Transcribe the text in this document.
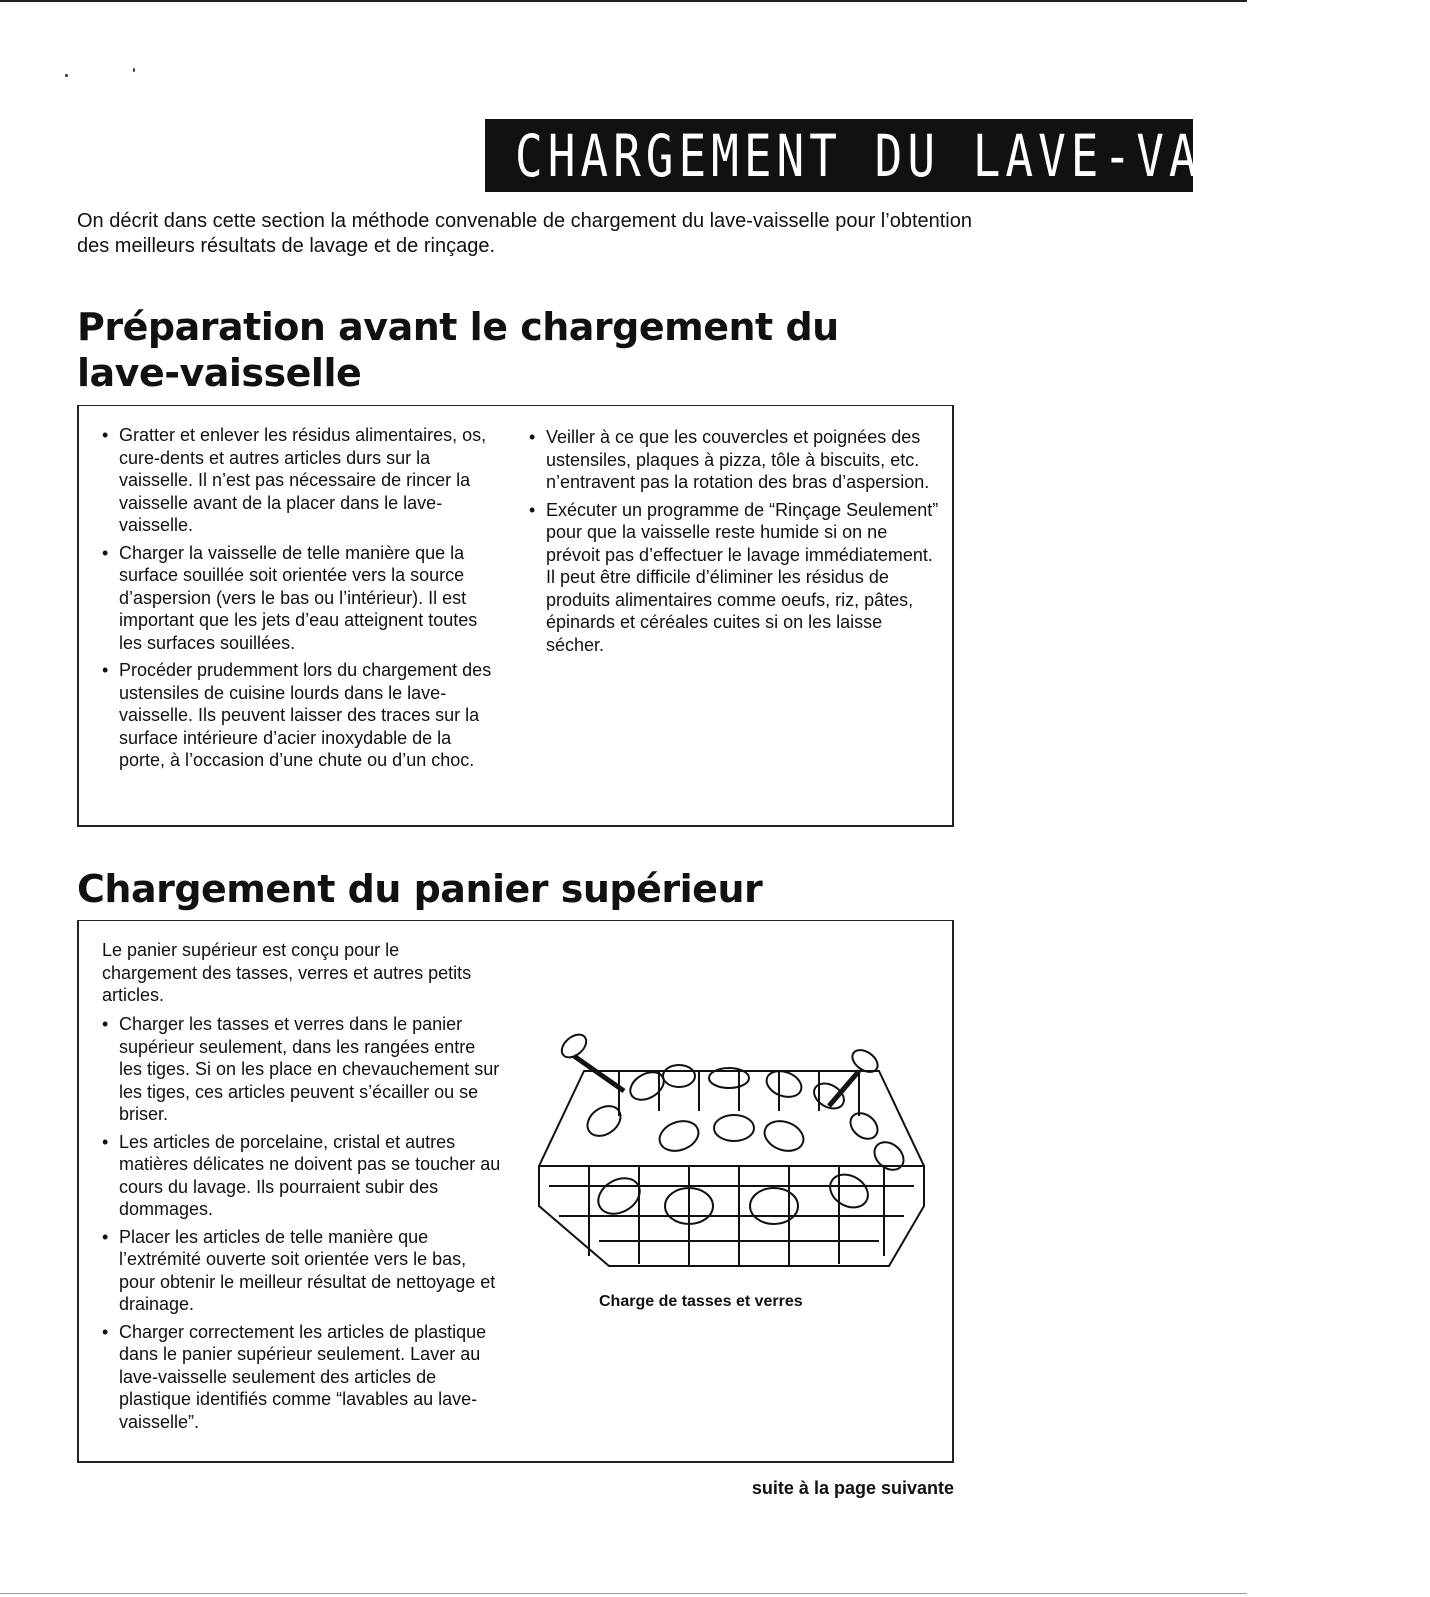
CHARGEMENT DU LAVE-VAISSELLE

On décrit dans cette section la méthode convenable de chargement du lave-vaisselle pour l’obtention des meilleurs résultats de lavage et de rinçage.

Préparation avant le chargement du lave-vaisselle
• Gratter et enlever les résidus alimentaires, os, cure-dents et autres articles durs sur la vaisselle. Il n’est pas nécessaire de rincer la vaisselle avant de la placer dans le lave-vaisselle.
• Charger la vaisselle de telle manière que la surface souillée soit orientée vers la source d’aspersion (vers le bas ou l’intérieur). Il est important que les jets d’eau atteignent toutes les surfaces souillées.
• Procéder prudemment lors du chargement des ustensiles de cuisine lourds dans le lave-vaisselle. Ils peuvent laisser des traces sur la surface intérieure d’acier inoxydable de la porte, à l’occasion d’une chute ou d’un choc.
• Veiller à ce que les couvercles et poignées des ustensiles, plaques à pizza, tôle à biscuits, etc. n’entravent pas la rotation des bras d’aspersion.
• Exécuter un programme de “Rinçage Seulement” pour que la vaisselle reste humide si on ne prévoit pas d’effectuer le lavage immédiatement. Il peut être difficile d’éliminer les résidus de produits alimentaires comme oeufs, riz, pâtes, épinards et céréales cuites si on les laisse sécher.
Chargement du panier supérieur

Le panier supérieur est conçu pour le chargement des tasses, verres et autres petits articles.

• Charger les tasses et verres dans le panier supérieur seulement, dans les rangées entre les tiges. Si on les place en chevauchement sur les tiges, ces articles peuvent s’écailler ou se briser.
• Les articles de porcelaine, cristal et autres matières délicates ne doivent pas se toucher au cours du lavage. Ils pourraient subir des dommages.
• Placer les articles de telle manière que l’extrémité ouverte soit orientée vers le bas, pour obtenir le meilleur résultat de nettoyage et drainage.
• Charger correctement les articles de plastique dans le panier supérieur seulement. Laver au lave-vaisselle seulement des articles de plastique identifiés comme “lavables au lave-vaisselle”.
Charge de tasses et verres
suite à la page suivante
